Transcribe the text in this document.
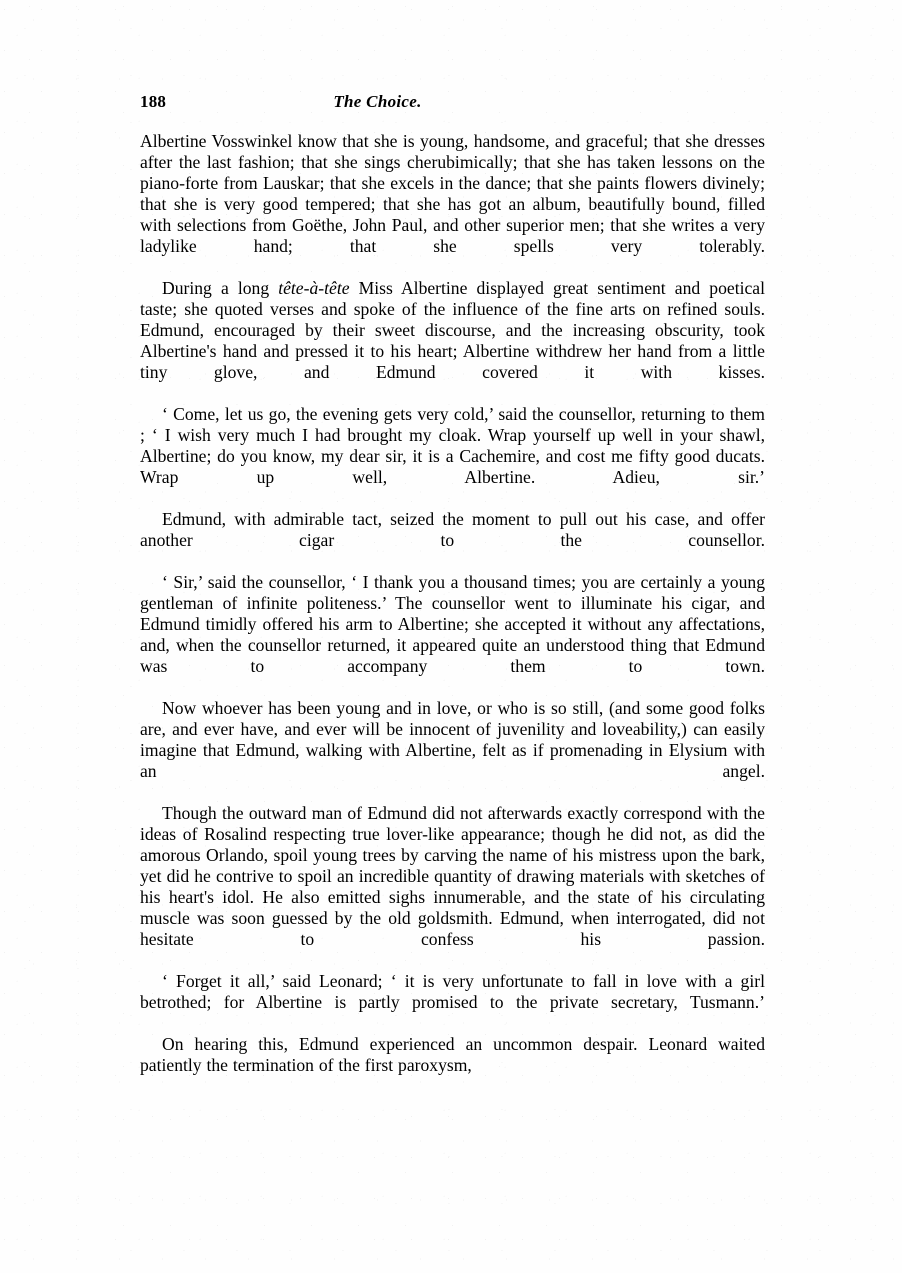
188	The Choice.

Albertine Vosswinkel know that she is young, handsome, and graceful; that she dresses after the last fashion; that she sings cherubimically; that she has taken lessons on the piano-forte from Lauskar; that she excels in the dance; that she paints flowers divinely; that she is very good tempered; that she has got an album, beautifully bound, filled with selections from Goëthe, John Paul, and other superior men; that she writes a very ladylike hand; that she spells very tolerably.

During a long tête-à-tête Miss Albertine displayed great sentiment and poetical taste; she quoted verses and spoke of the influence of the fine arts on refined souls. Edmund, encouraged by their sweet discourse, and the increasing obscurity, took Albertine's hand and pressed it to his heart; Albertine withdrew her hand from a little tiny glove, and Edmund covered it with kisses.

‘ Come, let us go, the evening gets very cold,’ said the counsellor, returning to them ; ‘ I wish very much I had brought my cloak. Wrap yourself up well in your shawl, Albertine; do you know, my dear sir, it is a Cachemire, and cost me fifty good ducats. Wrap up well, Albertine. Adieu, sir.’

Edmund, with admirable tact, seized the moment to pull out his case, and offer another cigar to the counsellor.

‘ Sir,’ said the counsellor, ‘ I thank you a thousand times; you are certainly a young gentleman of infinite politeness.’ The counsellor went to illuminate his cigar, and Edmund timidly offered his arm to Albertine; she accepted it without any affectations, and, when the counsellor returned, it appeared quite an understood thing that Edmund was to accompany them to town.

Now whoever has been young and in love, or who is so still, (and some good folks are, and ever have, and ever will be innocent of juvenility and loveability,) can easily imagine that Edmund, walking with Albertine, felt as if promenading in Elysium with an angel.

Though the outward man of Edmund did not afterwards exactly correspond with the ideas of Rosalind respecting true lover-like appearance; though he did not, as did the amorous Orlando, spoil young trees by carving the name of his mistress upon the bark, yet did he contrive to spoil an incredible quantity of drawing materials with sketches of his heart's idol. He also emitted sighs innumerable, and the state of his circulating muscle was soon guessed by the old goldsmith. Edmund, when interrogated, did not hesitate to confess his passion.

‘ Forget it all,’ said Leonard; ‘ it is very unfortunate to fall in love with a girl betrothed; for Albertine is partly promised to the private secretary, Tusmann.’

On hearing this, Edmund experienced an uncommon despair. Leonard waited patiently the termination of the first paroxysm,
